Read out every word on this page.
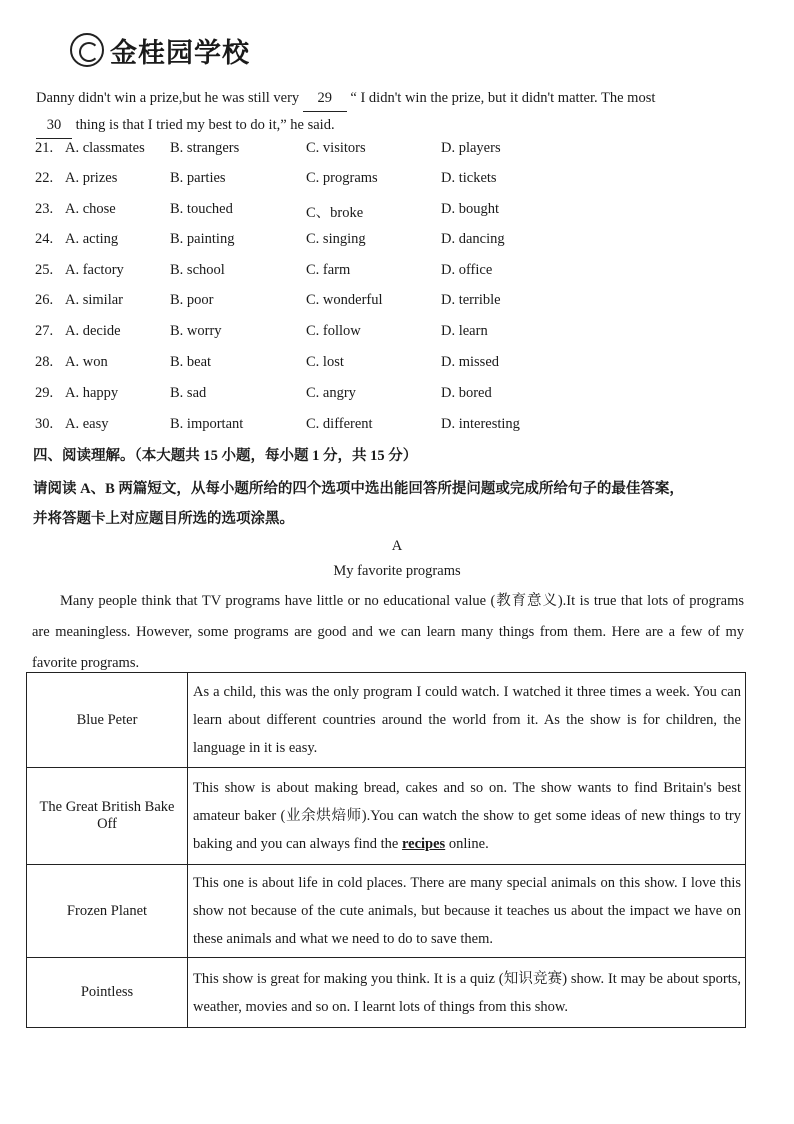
金桂园学校
Danny didn't win a prize,but he was still very 29 “ I didn't win the prize, but it didn't matter. The most
30 thing is that I tried my best to do it,” he said.
21. A. classmates B. strangers	C. visitors	D. players
22. A. prizes	B. parties	C. programs	D. tickets
23. A. chose	B. touched	C、broke	D. bought
24. A. acting	B. painting	C. singing	D. dancing
25. A. factory	B. school	C. farm	D. office
26. A. similar	B. poor	C. wonderful	D. terrible
27. A. decide	B. worry	C. follow	D. learn
28. A. won	B. beat	C. lost	D. missed
29. A. happy	B. sad	C. angry	D. bored
30. A. easy	B. important	C. different	D. interesting
四、阅读理解。（本大题共 15 小题，每小题 1 分，共 15 分）
请阅读 A、B 两篇短文，从每小题所给的四个选项中选出能回答所提问题或完成所给句子的最佳答案，
并将答题卡上对应题目所选的选项涂黑。
A
My favorite programs
Many people think that TV programs have little or no educational value (教育意义).It is true that lots of programs are meaningless. However, some programs are good and we can learn many things from them. Here are a few of my favorite programs.
Blue Peter	As a child, this was the only program I could watch. I watched it three times a week. You can learn about different countries around the world from it. As the show is for children, the language in it is easy.
The Great British Bake Off	This show is about making bread, cakes and so on. The show wants to find Britain's best amateur baker (业余烘焙师).You can watch the show to get some ideas of new things to try baking and you can always find the recipes online.
Frozen Planet	This one is about life in cold places. There are many special animals on this show. I love this show not because of the cute animals, but because it teaches us about the impact we have on these animals and what we need to do to save them.
Pointless	This show is great for making you think. It is a quiz (知识竞赛) show. It may be about sports, weather, movies and so on. I learnt lots of things from this show.
